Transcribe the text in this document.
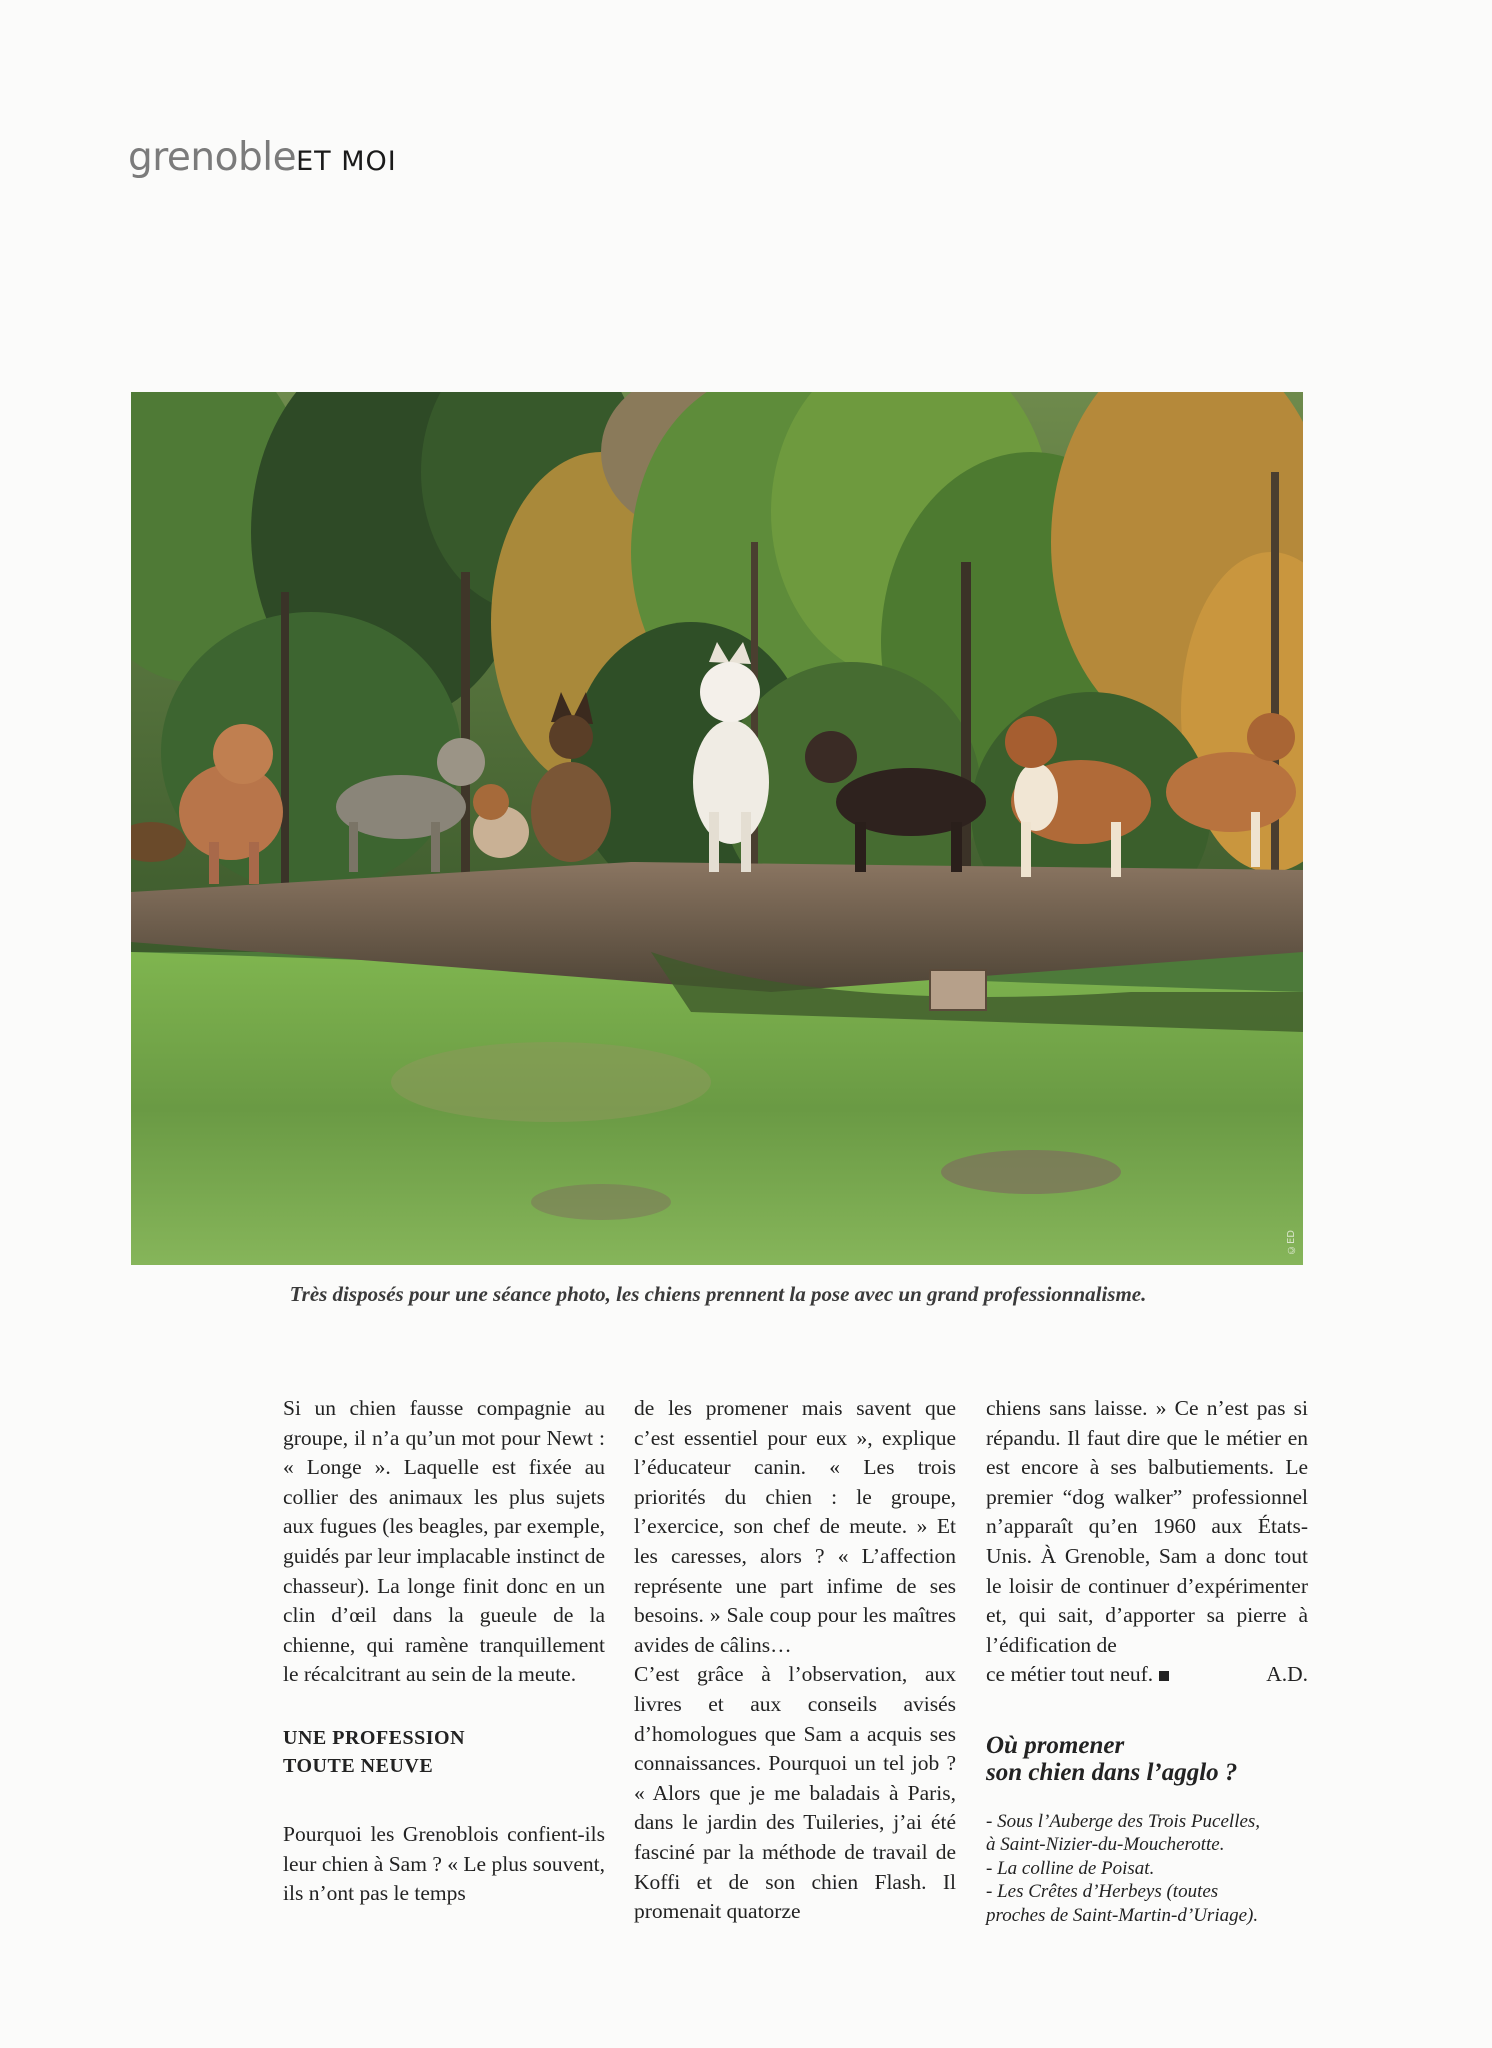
grenobleET MOI
©ED
Très disposés pour une séance photo, les chiens prennent la pose avec un grand professionnalisme.

Si un chien fausse compagnie au groupe, il n’a qu’un mot pour Newt : « Longe ». Laquelle est fixée au collier des animaux les plus sujets aux fugues (les beagles, par exemple, guidés par leur implacable instinct de chasseur). La longe finit donc en un clin d’œil dans la gueule de la chienne, qui ramène tranquillement le récalcitrant au sein de la meute.

UNE PROFESSION
TOUTE NEUVE

Pourquoi les Grenoblois confient-ils leur chien à Sam ? « Le plus souvent, ils n’ont pas le temps

de les promener mais savent que c’est essentiel pour eux », explique l’éducateur canin. « Les trois priorités du chien : le groupe, l’exercice, son chef de meute. » Et les caresses, alors ? « L’affection représente une part infime de ses besoins. » Sale coup pour les maîtres avides de câlins…

C’est grâce à l’observation, aux livres et aux conseils avisés d’homologues que Sam a acquis ses connaissances. Pourquoi un tel job ? « Alors que je me baladais à Paris, dans le jardin des Tuileries, j’ai été fasciné par la méthode de travail de Koffi et de son chien Flash. Il promenait quatorze

chiens sans laisse. » Ce n’est pas si répandu. Il faut dire que le métier en est encore à ses balbutiements. Le premier “dog walker” professionnel n’apparaît qu’en 1960 aux États-Unis. À Grenoble, Sam a donc tout le loisir de continuer d’expérimenter et, qui sait, d’apporter sa pierre à l’édification de

ce métier tout neuf.	A.D.
Où promener
son chien dans l’agglo ?
- Sous l’Auberge des Trois Pucelles,
à Saint-Nizier-du-Moucherotte.
- La colline de Poisat.
- Les Crêtes d’Herbeys (toutes
proches de Saint-Martin-d’Uriage).
